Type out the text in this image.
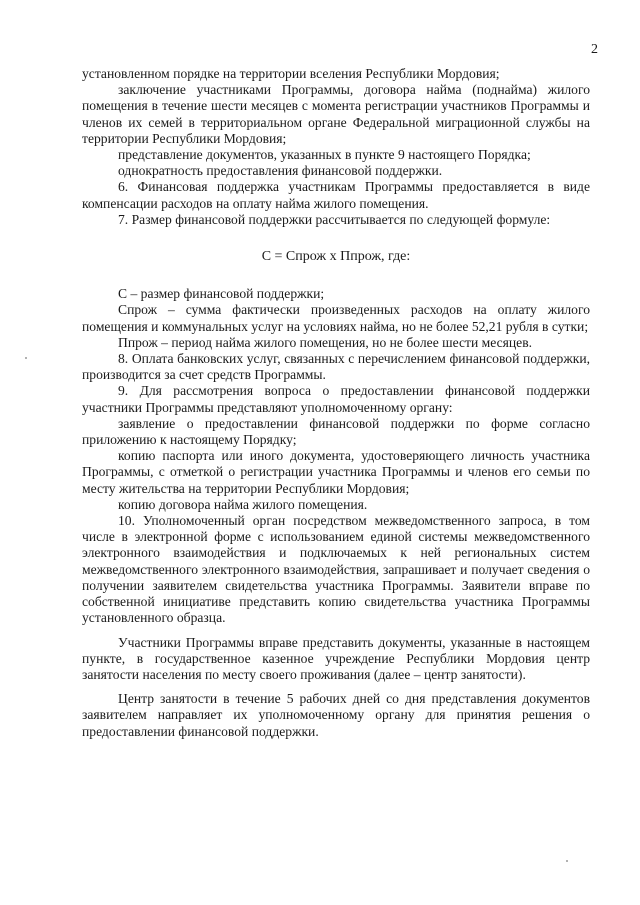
2

установленном порядке на территории вселения Республики Мордовия;

заключение участниками Программы, договора найма (поднайма) жилого помещения в течение шести месяцев с момента регистрации участников Программы и членов их семей в территориальном органе Федеральной миграционной службы на территории Республики Мордовия;

представление документов, указанных в пункте 9 настоящего Порядка;

однократность предоставления финансовой поддержки.

6. Финансовая поддержка участникам Программы предоставляется в виде компенсации расходов на оплату найма жилого помещения.

7. Размер финансовой поддержки рассчитывается по следующей формуле:

С = Спрож х Ппрож, где:

С – размер финансовой поддержки;

Спрож – сумма фактически произведенных расходов на оплату жилого помещения и коммунальных услуг на условиях найма, но не более 52,21 рубля в сутки;

Ппрож – период найма жилого помещения, но не более шести месяцев.

8. Оплата банковских услуг, связанных с перечислением финансовой поддержки, производится за счет средств Программы.

9. Для рассмотрения вопроса о предоставлении финансовой поддержки участники Программы представляют уполномоченному органу:

заявление о предоставлении финансовой поддержки по форме согласно приложению к настоящему Порядку;

копию паспорта или иного документа, удостоверяющего личность участника Программы, с отметкой о регистрации участника Программы и членов его семьи по месту жительства на территории Республики Мордовия;

копию договора найма жилого помещения.

10. Уполномоченный орган посредством межведомственного запроса, в том числе в электронной форме с использованием единой системы межведомственного электронного взаимодействия и подключаемых к ней региональных систем межведомственного электронного взаимодействия, запрашивает и получает сведения о получении заявителем свидетельства участника Программы. Заявители вправе по собственной инициативе представить копию свидетельства участника Программы установленного образца.

Участники Программы вправе представить документы, указанные в настоящем пункте, в государственное казенное учреждение Республики Мордовия центр занятости населения по месту своего проживания (далее – центр занятости).

Центр занятости в течение 5 рабочих дней со дня представления документов заявителем направляет их уполномоченному органу для принятия решения о предоставлении финансовой поддержки.
